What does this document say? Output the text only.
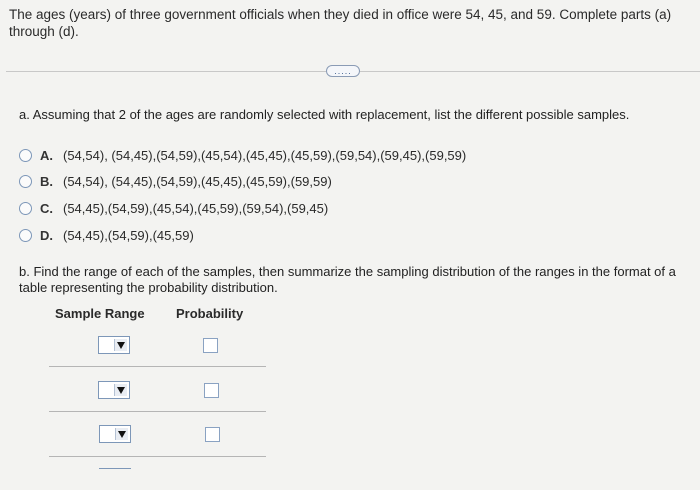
The ages (years) of three government officials when they died in office were 54, 45, and 59. Complete parts (a) through (d).
.....
a. Assuming that 2 of the ages are randomly selected with replacement, list the different possible samples.
A. (54,54), (54,45),(54,59),(45,54),(45,45),(45,59),(59,54),(59,45),(59,59)
B. (54,54), (54,45),(54,59),(45,45),(45,59),(59,59)
C. (54,45),(54,59),(45,54),(45,59),(59,54),(59,45)
D. (54,45),(54,59),(45,59)
b. Find the range of each of the samples, then summarize the sampling distribution of the ranges in the format of a table representing the probability distribution.
Sample Range Probability
